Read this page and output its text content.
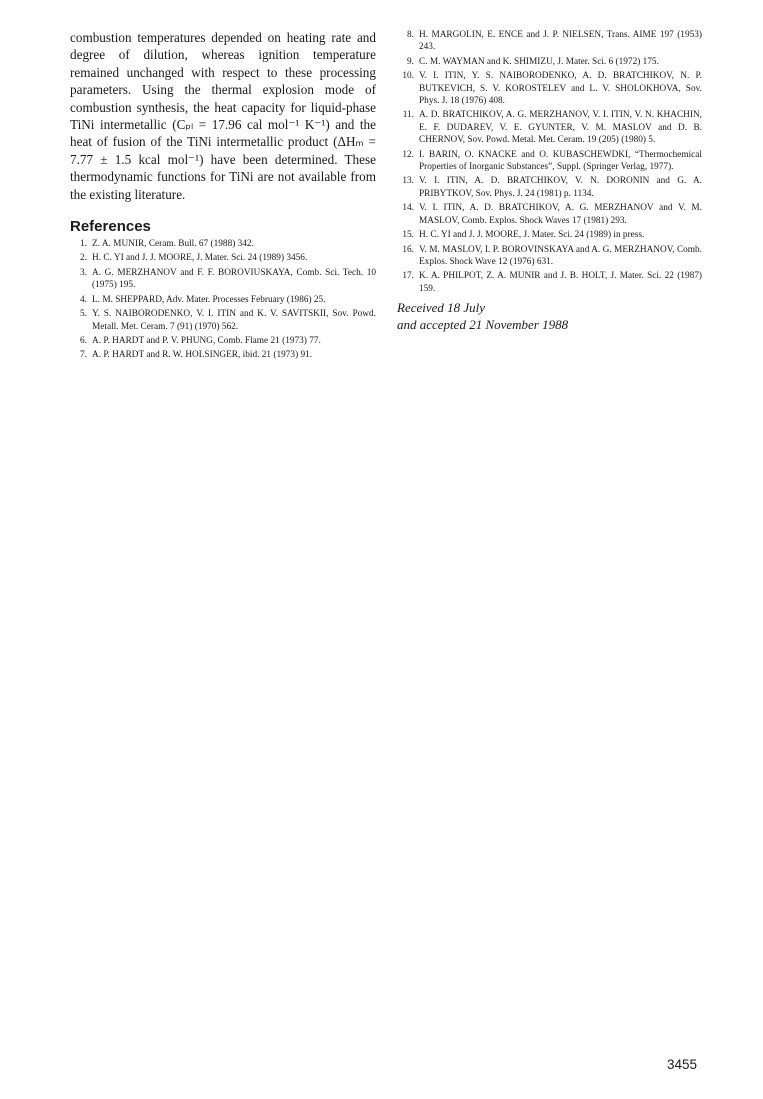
combustion temperatures depended on heating rate and degree of dilution, whereas ignition temperature remained unchanged with respect to these processing parameters. Using the thermal explosion mode of combustion synthesis, the heat capacity for liquid-phase TiNi intermetallic (Cₚₗ = 17.96 cal mol⁻¹ K⁻¹) and the heat of fusion of the TiNi intermetallic product (ΔHₘ = 7.77 ± 1.5 kcal mol⁻¹) have been determined. These thermodynamic functions for TiNi are not available from the existing literature.

References
1. Z. A. MUNIR, Ceram. Bull. 67 (1988) 342.
2. H. C. YI and J. J. MOORE, J. Mater. Sci. 24 (1989) 3456.
3. A. G. MERZHANOV and F. F. BOROVIUSKAYA, Comb. Sci. Tech. 10 (1975) 195.
4. L. M. SHEPPARD, Adv. Mater. Processes February (1986) 25.
5. Y. S. NAIBORODENKO, V. I. ITIN and K. V. SAVITSKII, Sov. Powd. Metall. Met. Ceram. 7 (91) (1970) 562.
6. A. P. HARDT and P. V. PHUNG, Comb. Flame 21 (1973) 77.
7. A. P. HARDT and R. W. HOLSINGER, ibid. 21 (1973) 91.
8. H. MARGOLIN, E. ENCE and J. P. NIELSEN, Trans. AIME 197 (1953) 243.
9. C. M. WAYMAN and K. SHIMIZU, J. Mater. Sci. 6 (1972) 175.
10. V. I. ITIN, Y. S. NAIBORODENKO, A. D. BRATCHIKOV, N. P. BUTKEVICH, S. V. KOROSTELEV and L. V. SHOLOKHOVA, Sov. Phys. J. 18 (1976) 408.
11. A. D. BRATCHIKOV, A. G. MERZHANOV, V. I. ITIN, V. N. KHACHIN, E. F. DUDAREV, V. E. GYUNTER, V. M. MASLOV and D. B. CHERNOV, Sov. Powd. Metal. Met. Ceram. 19 (205) (1980) 5.
12. I. BARIN, O. KNACKE and O. KUBASCHEWDKI, “Thermochemical Properties of Inorganic Substances”, Suppl. (Springer Verlag, 1977).
13. V. I. ITIN, A. D. BRATCHIKOV, V. N. DORONIN and G. A. PRIBYTKOV, Sov. Phys. J. 24 (1981) p. 1134.
14. V. I. ITIN, A. D. BRATCHIKOV, A. G. MERZHANOV and V. M. MASLOV, Comb. Explos. Shock Waves 17 (1981) 293.
15. H. C. YI and J. J. MOORE, J. Mater. Sci. 24 (1989) in press.
16. V. M. MASLOV, I. P. BOROVINSKAYA and A. G. MERZHANOV, Comb. Explos. Shock Wave 12 (1976) 631.
17. K. A. PHILPOT, Z. A. MUNIR and J. B. HOLT, J. Mater. Sci. 22 (1987) 159.
Received 18 July
and accepted 21 November 1988
3455
